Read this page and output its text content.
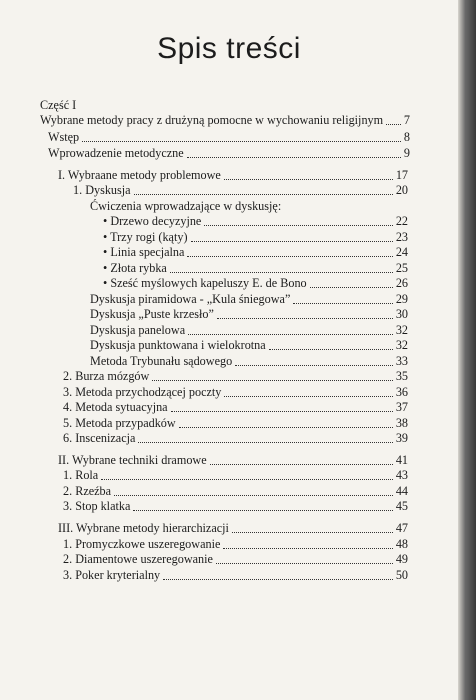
Spis treści
Część I
Wybrane metody pracy z drużyną pomocne w wychowaniu religijnym 7
Wstęp	8
Wprowadzenie metodyczne	9
I. Wybraane metody problemowe	17
1. Dyskusja	20
Ćwiczenia wprowadzające w dyskusję:
• Drzewo decyzyjne	22
• Trzy rogi (kąty)	23
• Linia specjalna	24
• Złota rybka	25
• Sześć myślowych kapeluszy E. de Bono	26
Dyskusja piramidowa - „Kula śniegowa”	29
Dyskusja „Puste krzesło”	30
Dyskusja panelowa	32
Dyskusja punktowana i wielokrotna	32
Metoda Trybunału sądowego	33
2. Burza mózgów	35
3. Metoda przychodzącej poczty	36
4. Metoda sytuacyjna	37
5. Metoda przypadków	38
6. Inscenizacja	39
II. Wybrane techniki dramowe	41
1. Rola	43
2. Rzeźba	44
3. Stop klatka	45
III. Wybrane metody hierarchizacji	47
1. Promyczkowe uszeregowanie	48
2. Diamentowe uszeregowanie	49
3. Poker kryterialny	50
